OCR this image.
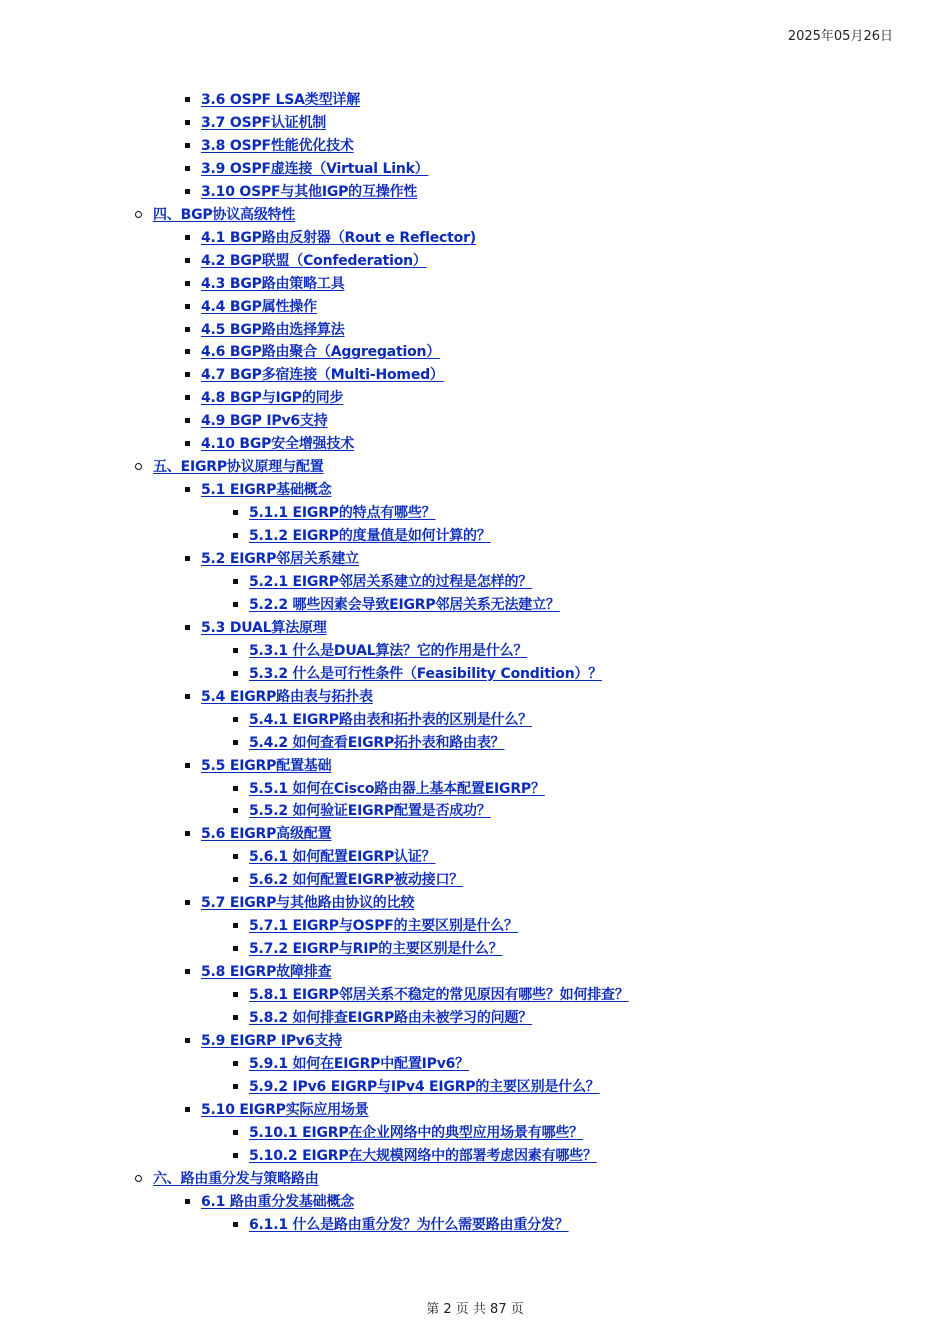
2025年05月26日
3.6 OSPF LSA类型详解
3.7 OSPF认证机制
3.8 OSPF性能优化技术
3.9 OSPF虚连接（Virtual Link）
3.10 OSPF与其他IGP的互操作性
四、BGP协议高级特性
4.1 BGP路由反射器（Rout e Reflector)
4.2 BGP联盟（Confederation）
4.3 BGP路由策略工具
4.4 BGP属性操作
4.5 BGP路由选择算法
4.6 BGP路由聚合（Aggregation）
4.7 BGP多宿连接（Multi-Homed）
4.8 BGP与IGP的同步
4.9 BGP IPv6支持
4.10 BGP安全增强技术
五、EIGRP协议原理与配置
5.1 EIGRP基础概念
5.1.1 EIGRP的特点有哪些？
5.1.2 EIGRP的度量值是如何计算的？
5.2 EIGRP邻居关系建立
5.2.1 EIGRP邻居关系建立的过程是怎样的？
5.2.2 哪些因素会导致EIGRP邻居关系无法建立？
5.3 DUAL算法原理
5.3.1 什么是DUAL算法？它的作用是什么？
5.3.2 什么是可行性条件（Feasibility Condition）？
5.4 EIGRP路由表与拓扑表
5.4.1 EIGRP路由表和拓扑表的区别是什么？
5.4.2 如何查看EIGRP拓扑表和路由表？
5.5 EIGRP配置基础
5.5.1 如何在Cisco路由器上基本配置EIGRP？
5.5.2 如何验证EIGRP配置是否成功？
5.6 EIGRP高级配置
5.6.1 如何配置EIGRP认证？
5.6.2 如何配置EIGRP被动接口？
5.7 EIGRP与其他路由协议的比较
5.7.1 EIGRP与OSPF的主要区别是什么？
5.7.2 EIGRP与RIP的主要区别是什么？
5.8 EIGRP故障排查
5.8.1 EIGRP邻居关系不稳定的常见原因有哪些？如何排查？
5.8.2 如何排查EIGRP路由未被学习的问题？
5.9 EIGRP IPv6支持
5.9.1 如何在EIGRP中配置IPv6？
5.9.2 IPv6 EIGRP与IPv4 EIGRP的主要区别是什么？
5.10 EIGRP实际应用场景
5.10.1 EIGRP在企业网络中的典型应用场景有哪些？
5.10.2 EIGRP在大规模网络中的部署考虑因素有哪些？
六、路由重分发与策略路由
6.1 路由重分发基础概念
6.1.1 什么是路由重分发？为什么需要路由重分发？
第 2 页 共 87 页
